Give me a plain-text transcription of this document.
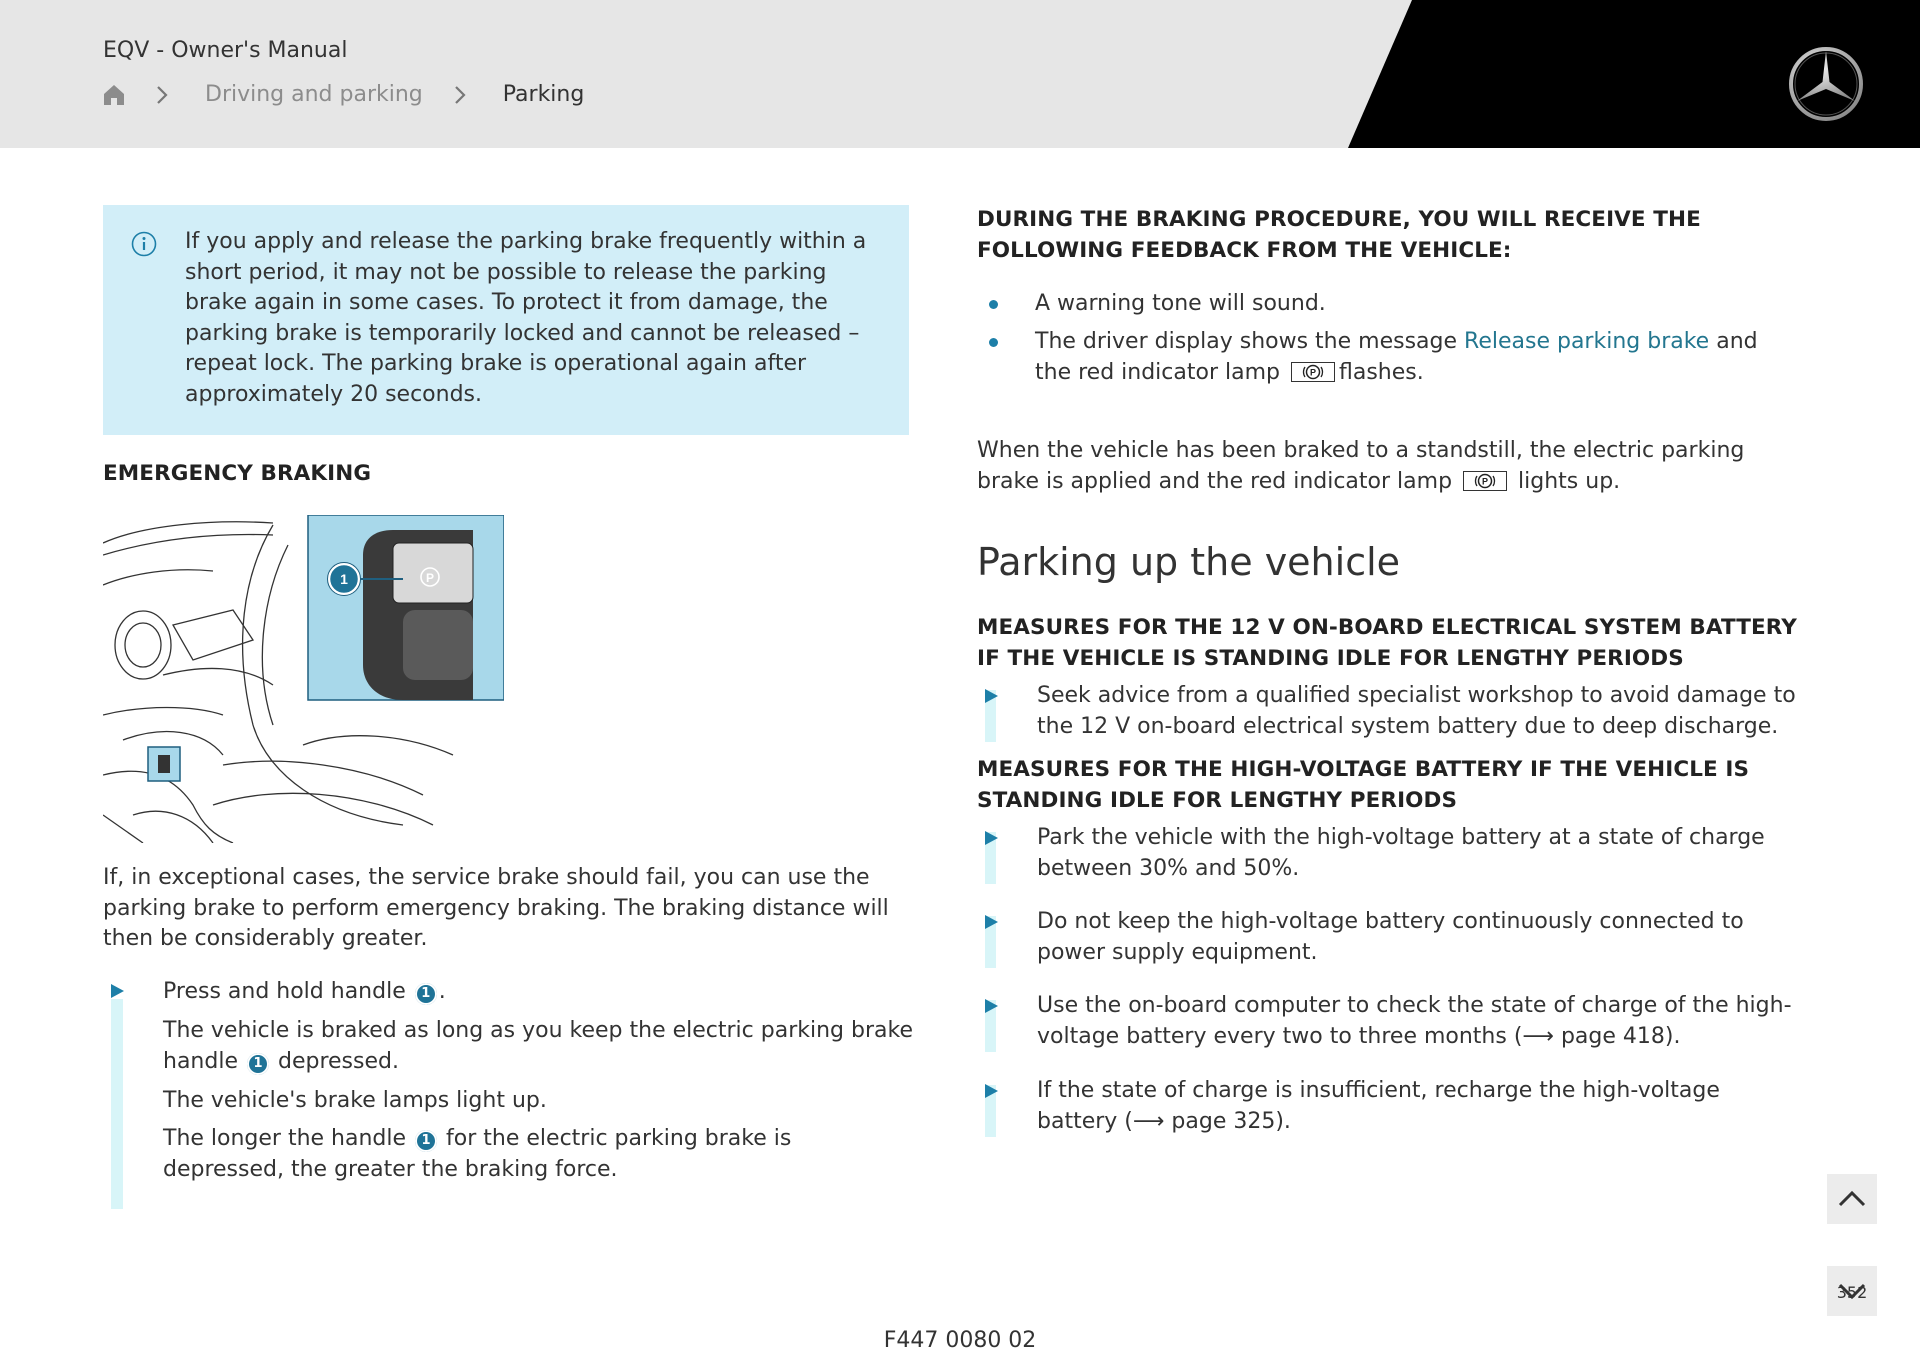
EQV - Owner's Manual
Driving and parking	Parking
If you apply and release the parking brake frequently within a short period, it may not be possible to release the parking brake again in some cases. To protect it from damage, the parking brake is temporarily locked and cannot be released – repeat lock. The parking brake is operational again after approximately 20 seconds.
EMERGENCY BRAKING
P
1
If, in exceptional cases, the service brake should fail, you can use the parking brake to perform emergency braking. The braking distance will then be considerably greater.
Press and hold handle 1 .
The vehicle is braked as long as you keep the electric parking brake handle 1 depressed.
The vehicle's brake lamps light up.
The longer the handle 1 for the electric parking brake is depressed, the greater the braking force.
DURING THE BRAKING PROCEDURE, YOU WILL RECEIVE THE FOLLOWING FEEDBACK FROM THE VEHICLE:
A warning tone will sound.
The driver display shows the message Release parking brake and the red indicator lamp	P flashes.
When the vehicle has been braked to a standstill, the electric parking brake is applied and the red indicator lamp	P lights up.
Parking up the vehicle
MEASURES FOR THE 12 V ON-BOARD ELECTRICAL SYSTEM BATTERY IF THE VEHICLE IS STANDING IDLE FOR LENGTHY PERIODS
Seek advice from a qualified specialist workshop to avoid damage to the 12 V on-board electrical system battery due to deep discharge.
MEASURES FOR THE HIGH-VOLTAGE BATTERY IF THE VEHICLE IS STANDING IDLE FOR LENGTHY PERIODS
Park the vehicle with the high-voltage battery at a state of charge between 30% and 50%.
Do not keep the high-voltage battery continuously connected to power supply equipment.
Use the on-board computer to check the state of charge of the high-voltage battery every two to three months (⟶ page 418).
If the state of charge is insufficient, recharge the high-voltage battery (⟶ page 325).
352
F447 0080 02
